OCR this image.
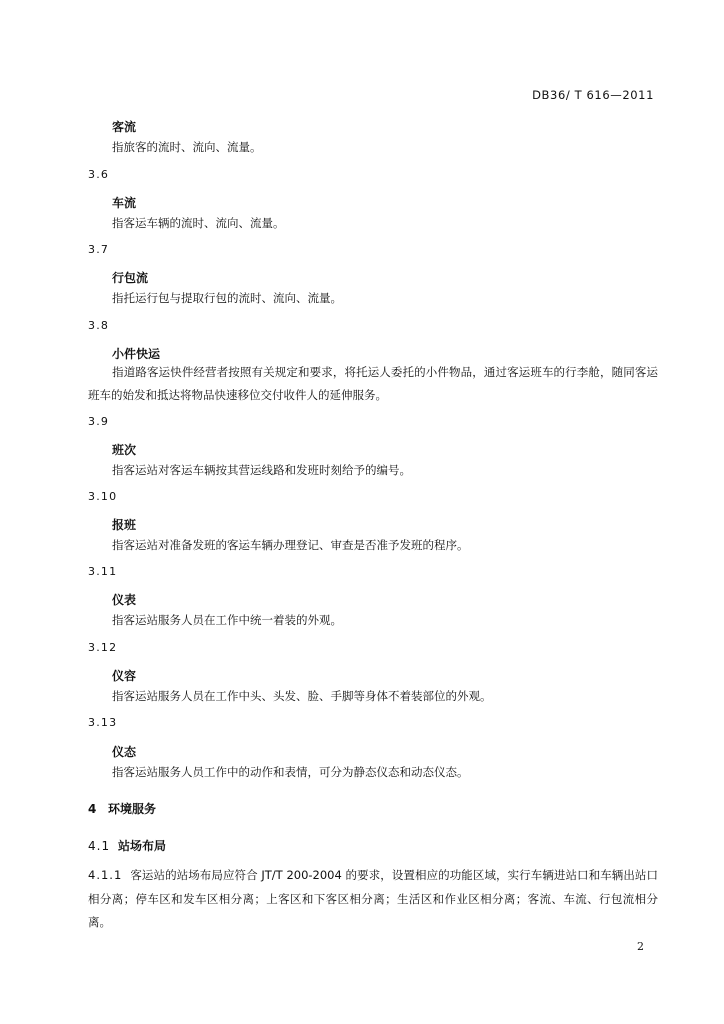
DB36/ T 616—2011
客流
指旅客的流时、流向、流量。
3.6
车流
指客运车辆的流时、流向、流量。
3.7
行包流
指托运行包与提取行包的流时、流向、流量。
3.8
小件快运
指道路客运快件经营者按照有关规定和要求，将托运人委托的小件物品，通过客运班车的行李舱，随同客运班车的始发和抵达将物品快速移位交付收件人的延伸服务。
3.9
班次
指客运站对客运车辆按其营运线路和发班时刻给予的编号。
3.10
报班
指客运站对准备发班的客运车辆办理登记、审查是否准予发班的程序。
3.11
仪表
指客运站服务人员在工作中统一着装的外观。
3.12
仪容
指客运站服务人员在工作中头、头发、脸、手脚等身体不着装部位的外观。
3.13
仪态
指客运站服务人员工作中的动作和表情，可分为静态仪态和动态仪态。
4 环境服务
4.1 站场布局
4.1.1 客运站的站场布局应符合 JT/T 200-2004 的要求，设置相应的功能区域，实行车辆进站口和车辆出站口相分离；停车区和发车区相分离；上客区和下客区相分离；生活区和作业区相分离；客流、车流、行包流相分离。
2
